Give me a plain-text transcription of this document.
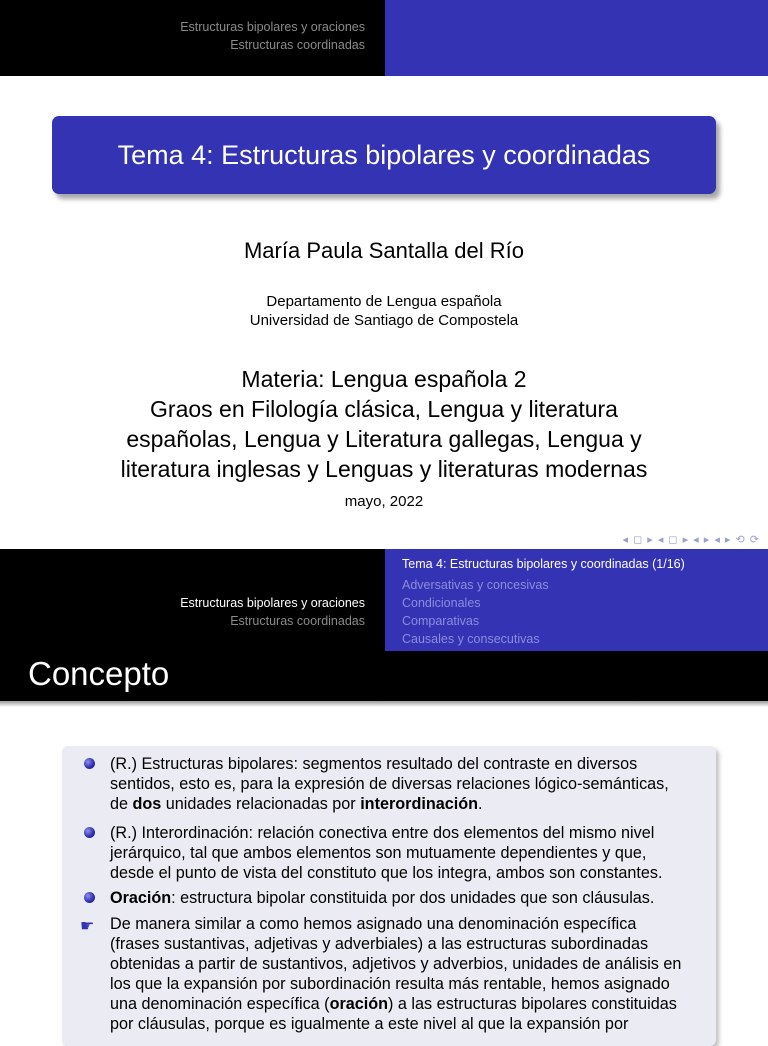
Estructuras bipolares y oraciones
Estructuras coordinadas
Tema 4: Estructuras bipolares y coordinadas
María Paula Santalla del Río
Departamento de Lengua española
Universidad de Santiago de Compostela
Materia: Lengua española 2
Graos en Filología clásica, Lengua y literatura
españolas, Lengua y Literatura gallegas, Lengua y
literatura inglesas y Lenguas y literaturas modernas
mayo, 2022
◂ ◻ ▸ ◂ ◻ ▸ ◂ ▸ ◂ ▸ ⟲ ⟳
Estructuras bipolares y oraciones
Estructuras coordinadas
Tema 4: Estructuras bipolares y coordinadas (1/16)
Adversativas y concesivas
Condicionales
Comparativas
Causales y consecutivas
Concepto
(R.) Estructuras bipolares: segmentos resultado del contraste en diversos
sentidos, esto es, para la expresión de diversas relaciones lógico-semánticas,
de dos unidades relacionadas por interordinación.
(R.) Interordinación: relación conectiva entre dos elementos del mismo nivel
jerárquico, tal que ambos elementos son mutuamente dependientes y que,
desde el punto de vista del constituto que los integra, ambos son constantes.
Oración: estructura bipolar constituida por dos unidades que son cláusulas.
☛ De manera similar a como hemos asignado una denominación específica
(frases sustantivas, adjetivas y adverbiales) a las estructuras subordinadas
obtenidas a partir de sustantivos, adjetivos y adverbios, unidades de análisis en
los que la expansión por subordinación resulta más rentable, hemos asignado
una denominación específica (oración) a las estructuras bipolares constituidas
por cláusulas, porque es igualmente a este nivel al que la expansión por
